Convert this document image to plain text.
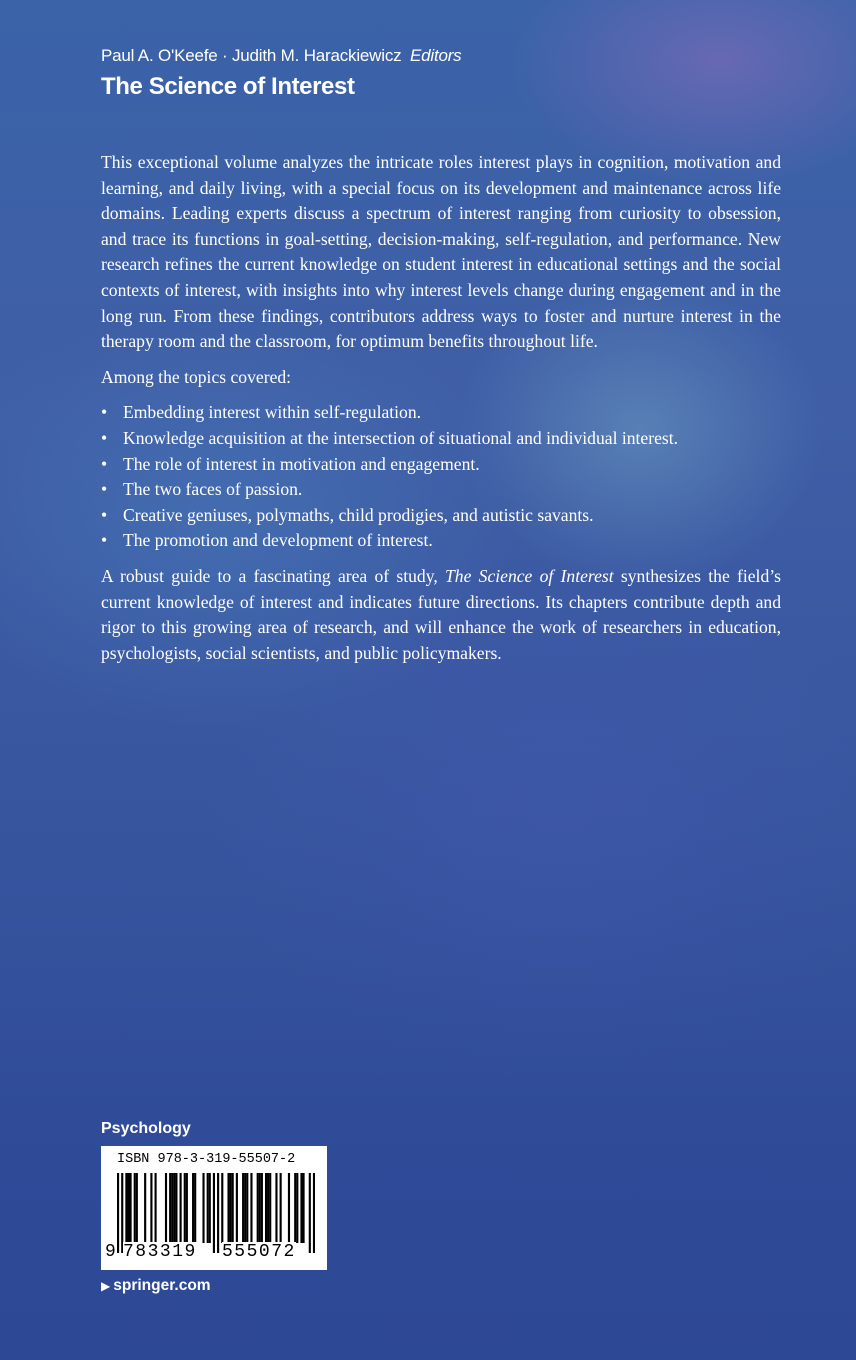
Paul A. O'Keefe · Judith M. Harackiewicz Editors
The Science of Interest

This exceptional volume analyzes the intricate roles interest plays in cognition, motivation and learning, and daily living, with a special focus on its development and maintenance across life domains. Leading experts discuss a spectrum of interest ranging from curiosity to obsession, and trace its functions in goal-setting, decision-making, self-regulation, and performance. New research refines the current knowledge on student interest in educational settings and the social contexts of interest, with insights into why interest levels change during engagement and in the long run. From these findings, contributors address ways to foster and nurture interest in the therapy room and the classroom, for optimum benefits throughout life.

Among the topics covered:

• Embedding interest within self-regulation.
• Knowledge acquisition at the intersection of situational and individual interest.
• The role of interest in motivation and engagement.
• The two faces of passion.
• Creative geniuses, polymaths, child prodigies, and autistic savants.
• The promotion and development of interest.

A robust guide to a fascinating area of study, The Science of Interest synthesizes the field’s current knowledge of interest and indicates future directions. Its chapters contribute depth and rigor to this growing area of research, and will enhance the work of researchers in education, psychologists, social scientists, and public policymakers.

Psychology
ISBN 978-3-319-55507-2
9 783319 555072
▶ springer.com
